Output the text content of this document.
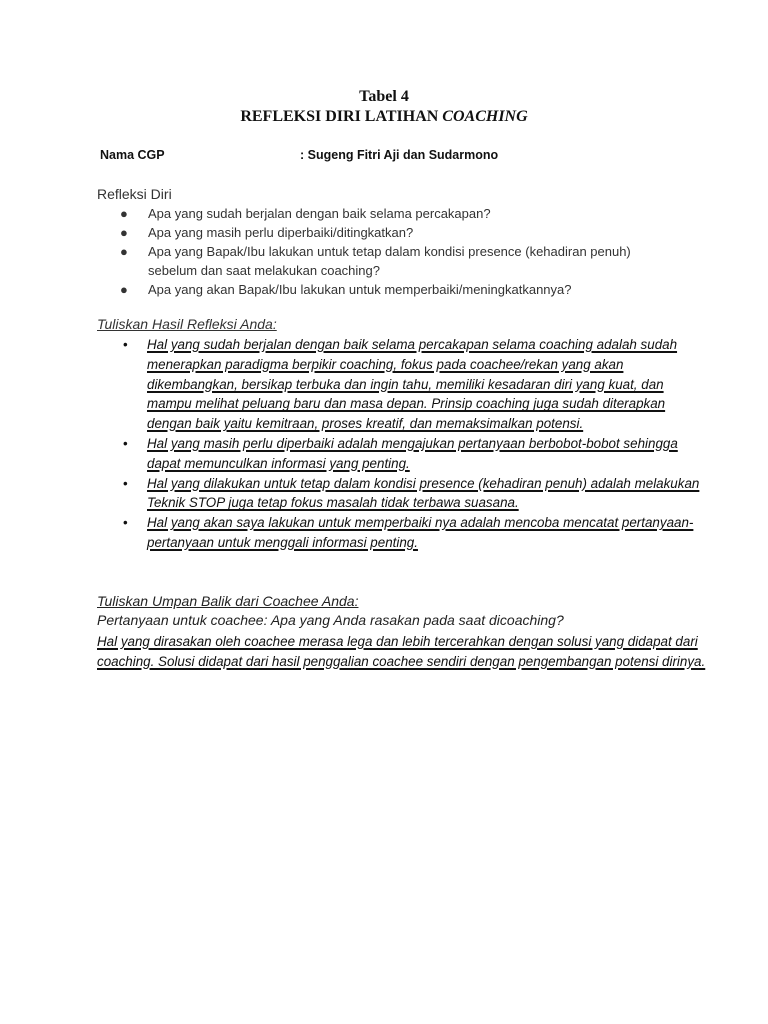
Tabel 4
REFLEKSI DIRI LATIHAN COACHING
Nama CGP	: Sugeng Fitri Aji dan Sudarmono
Refleksi Diri
● Apa yang sudah berjalan dengan baik selama percakapan?
● Apa yang masih perlu diperbaiki/ditingkatkan?
● Apa yang Bapak/Ibu lakukan untuk tetap dalam kondisi presence (kehadiran penuh) sebelum dan saat melakukan coaching?
● Apa yang akan Bapak/Ibu lakukan untuk memperbaiki/meningkatkannya?
Tuliskan Hasil Refleksi Anda:
• Hal yang sudah berjalan dengan baik selama percakapan selama coaching adalah sudah menerapkan paradigma berpikir coaching, fokus pada coachee/rekan yang akan dikembangkan, bersikap terbuka dan ingin tahu, memiliki kesadaran diri yang kuat, dan mampu melihat peluang baru dan masa depan. Prinsip coaching juga sudah diterapkan dengan baik yaitu kemitraan, proses kreatif, dan memaksimalkan potensi.
• Hal yang masih perlu diperbaiki adalah mengajukan pertanyaan berbobot-bobot sehingga dapat memunculkan informasi yang penting.
• Hal yang dilakukan untuk tetap dalam kondisi presence (kehadiran penuh) adalah melakukan Teknik STOP juga tetap fokus masalah tidak terbawa suasana.
• Hal yang akan saya lakukan untuk memperbaiki nya adalah mencoba mencatat pertanyaan-pertanyaan untuk menggali informasi penting.
Tuliskan Umpan Balik dari Coachee Anda:
Pertanyaan untuk coachee: Apa yang Anda rasakan pada saat dicoaching?
Hal yang dirasakan oleh coachee merasa lega dan lebih tercerahkan dengan solusi yang didapat dari coaching. Solusi didapat dari hasil penggalian coachee sendiri dengan pengembangan potensi dirinya.
